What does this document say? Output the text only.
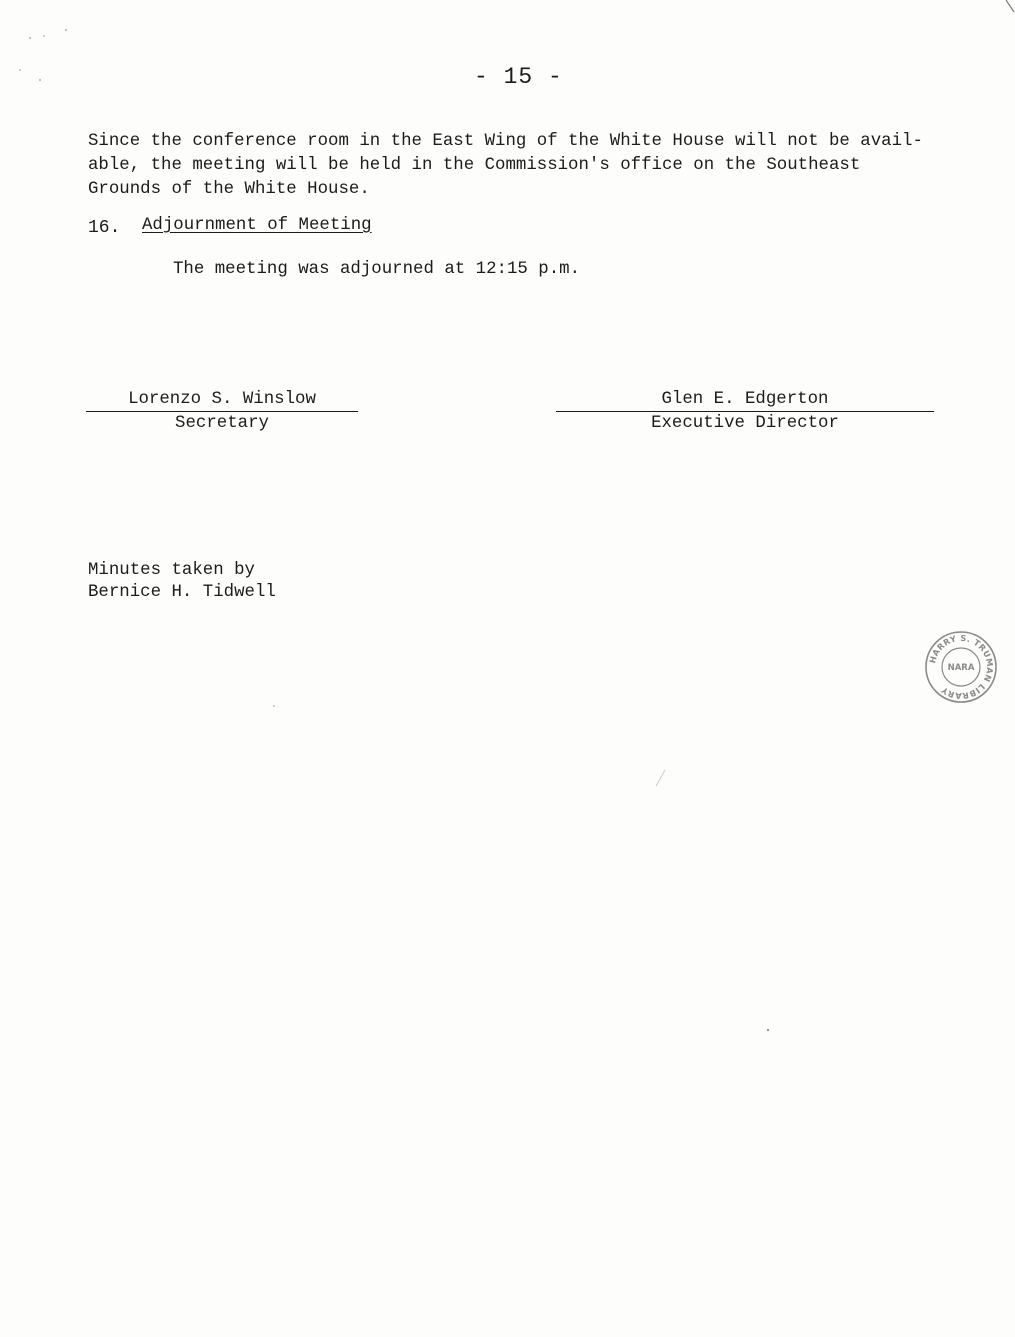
- 15 -
Since the conference room in the East Wing of the White House will not be avail-
able, the meeting will be held in the Commission's office on the Southeast
Grounds of the White House.
16. Adjournment of Meeting
The meeting was adjourned at 12:15 p.m.
Lorenzo S. Winslow
Secretary
Glen E. Edgerton
Executive Director
Minutes taken by
Bernice H. Tidwell
HARRY S. TRUMAN LIBRARY
NARA
